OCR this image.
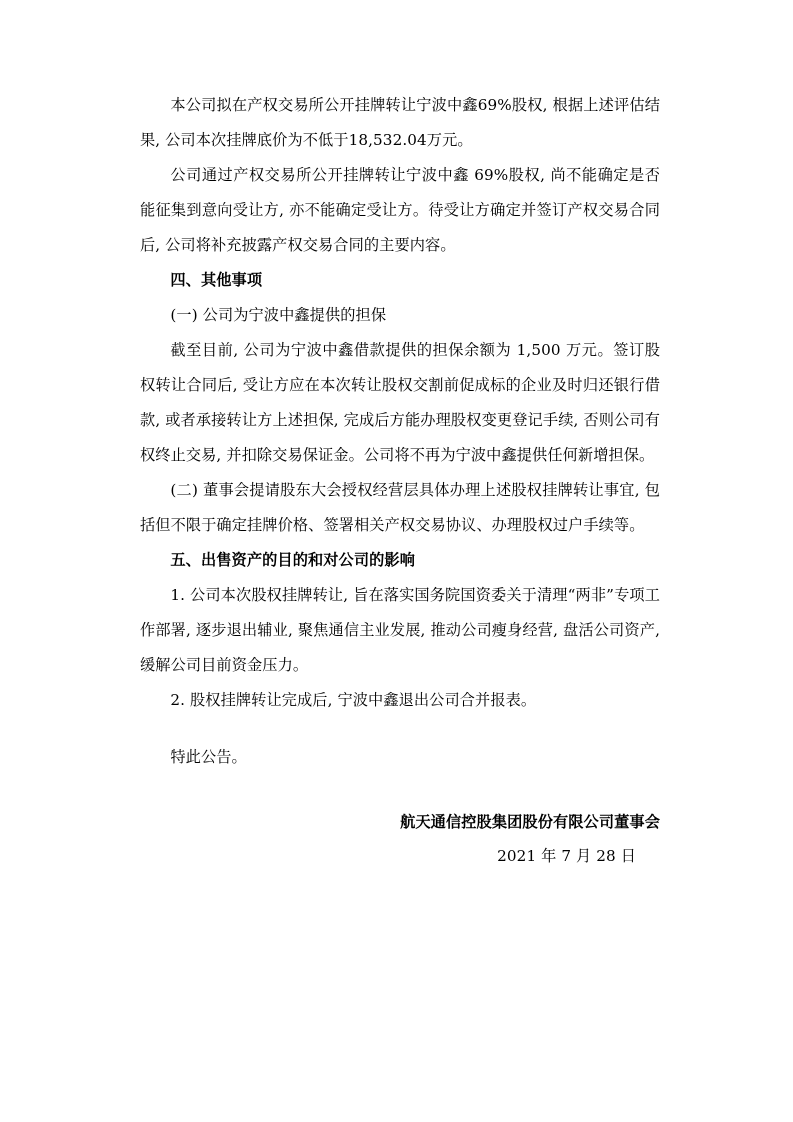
本公司拟在产权交易所公开挂牌转让宁波中鑫69%股权, 根据上述评估结果, 公司本次挂牌底价为不低于18,532.04万元。

公司通过产权交易所公开挂牌转让宁波中鑫 69%股权, 尚不能确定是否能征集到意向受让方, 亦不能确定受让方。待受让方确定并签订产权交易合同后, 公司将补充披露产权交易合同的主要内容。

四、其他事项

(一) 公司为宁波中鑫提供的担保

截至目前, 公司为宁波中鑫借款提供的担保余额为 1,500 万元。签订股权转让合同后, 受让方应在本次转让股权交割前促成标的企业及时归还银行借款, 或者承接转让方上述担保, 完成后方能办理股权变更登记手续, 否则公司有权终止交易, 并扣除交易保证金。公司将不再为宁波中鑫提供任何新增担保。

(二) 董事会提请股东大会授权经营层具体办理上述股权挂牌转让事宜, 包括但不限于确定挂牌价格、签署相关产权交易协议、办理股权过户手续等。

五、出售资产的目的和对公司的影响

1. 公司本次股权挂牌转让, 旨在落实国务院国资委关于清理“两非”专项工作部署, 逐步退出辅业, 聚焦通信主业发展, 推动公司瘦身经营, 盘活公司资产, 缓解公司目前资金压力。

2. 股权挂牌转让完成后, 宁波中鑫退出公司合并报表。

特此公告。

航天通信控股集团股份有限公司董事会

2021 年 7 月 28 日
